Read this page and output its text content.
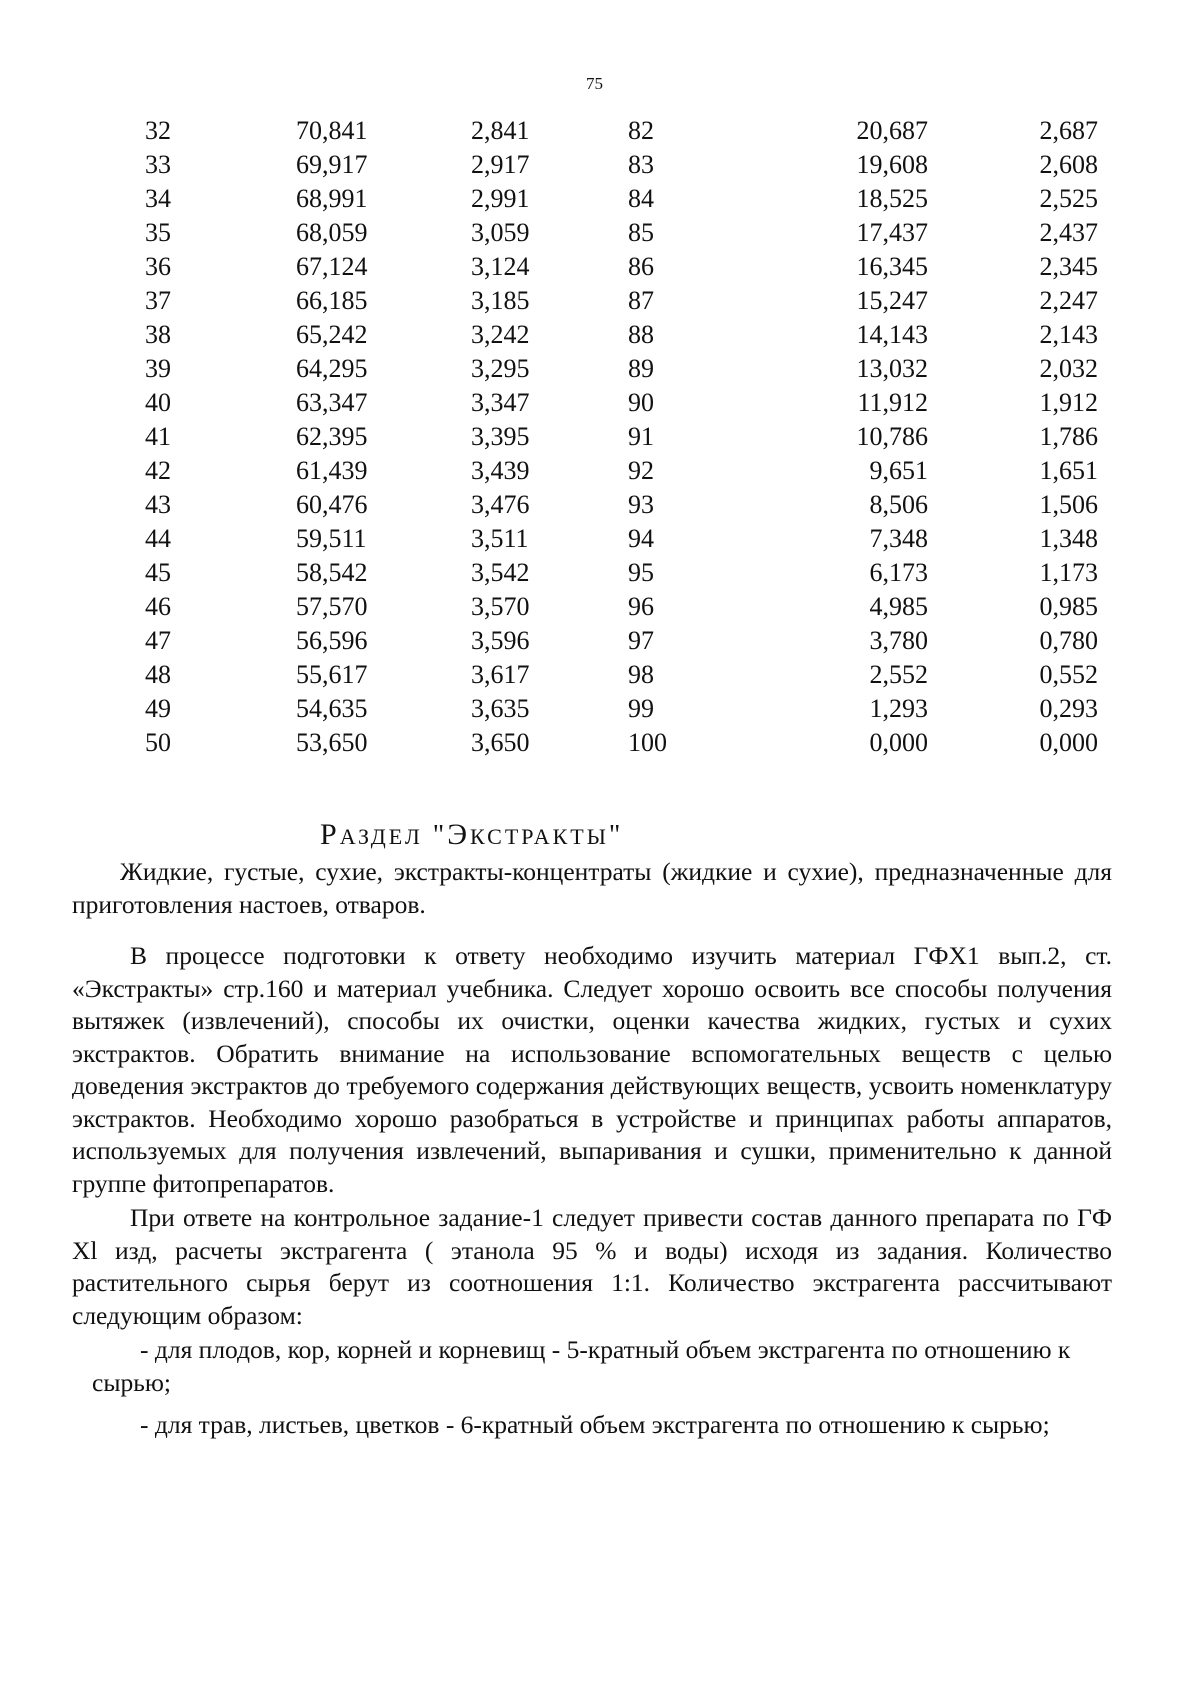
75
32	70,841	2,841	82	20,687	2,687
33	69,917	2,917	83	19,608	2,608
34	68,991	2,991	84	18,525	2,525
35	68,059	3,059	85	17,437	2,437
36	67,124	3,124	86	16,345	2,345
37	66,185	3,185	87	15,247	2,247
38	65,242	3,242	88	14,143	2,143
39	64,295	3,295	89	13,032	2,032
40	63,347	3,347	90	11,912	1,912
41	62,395	3,395	91	10,786	1,786
42	61,439	3,439	92	9,651	1,651
43	60,476	3,476	93	8,506	1,506
44	59,511	3,511	94	7,348	1,348
45	58,542	3,542	95	6,173	1,173
46	57,570	3,570	96	4,985	0,985
47	56,596	3,596	97	3,780	0,780
48	55,617	3,617	98	2,552	0,552
49	54,635	3,635	99	1,293	0,293
50	53,650	3,650	100	0,000	0,000
РАЗДЕЛ "ЭКСТРАКТЫ"
Жидкие, густые, сухие, экстракты-концентраты (жидкие и сухие), предназначенные для приготовления настоев, отваров.
В процессе подготовки к ответу необходимо изучить материал ГФХ1 вып.2, ст. «Экстракты» стр.160 и материал учебника. Следует хорошо освоить все способы получения вытяжек (извлечений), способы их очистки, оценки качества жидких, густых и сухих экстрактов. Обратить внимание на использование вспомогательных веществ с целью доведения экстрактов до требуемого содержания действующих веществ, усвоить номенклатуру экстрактов. Необходимо хорошо разобраться в устройстве и принципах работы аппаратов, используемых для получения извлечений, выпаривания и сушки, применительно к данной группе фитопрепаратов.
При ответе на контрольное задание-1 следует привести состав данного препарата по ГФ Xl изд, расчеты экстрагента ( этанола 95 % и воды) исходя из задания. Количество растительного сырья берут из соотношения 1:1. Количество экстрагента рассчитывают следующим образом:
- для плодов, кор, корней и корневищ - 5-кратный объем экстрагента по отношению к сырью;
- для трав, листьев, цветков - 6-кратный объем экстрагента по отношению к сырью;
